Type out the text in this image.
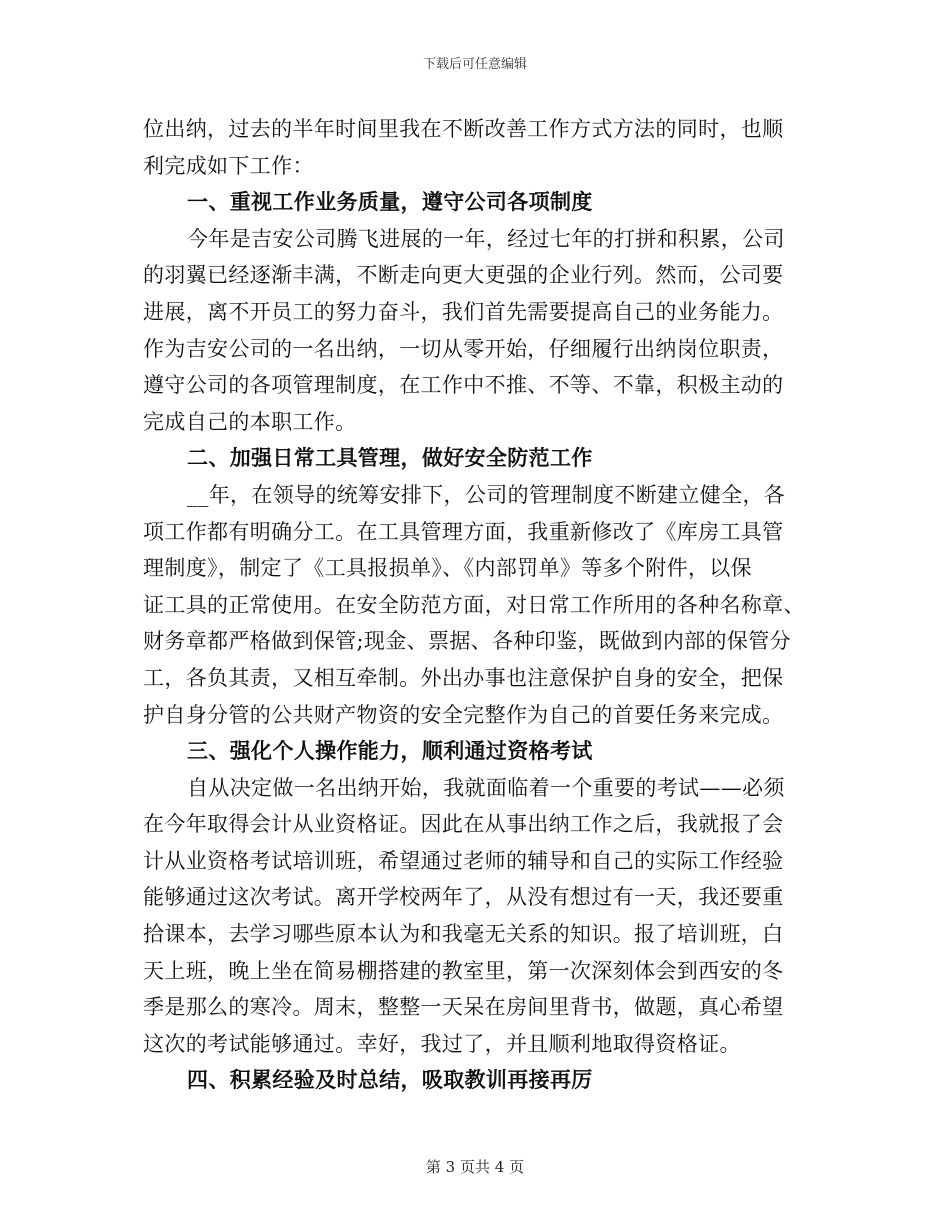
下载后可任意编辑
位出纳，过去的半年时间里我在不断改善工作方式方法的同时，也顺
利完成如下工作：
一、重视工作业务质量，遵守公司各项制度
今年是吉安公司腾飞进展的一年，经过七年的打拼和积累，公司
的羽翼已经逐渐丰满，不断走向更大更强的企业行列。然而，公司要
进展，离不开员工的努力奋斗，我们首先需要提高自己的业务能力。
作为吉安公司的一名出纳，一切从零开始，仔细履行出纳岗位职责，
遵守公司的各项管理制度，在工作中不推、不等、不靠，积极主动的
完成自己的本职工作。
二、加强日常工具管理，做好安全防范工作
__年，在领导的统筹安排下，公司的管理制度不断建立健全，各
项工作都有明确分工。在工具管理方面，我重新修改了《库房工具管
理制度》，制定了《工具报损单》、《内部罚单》等多个附件，以保
证工具的正常使用。在安全防范方面，对日常工作所用的各种名称章、
财务章都严格做到保管;现金、票据、各种印鉴，既做到内部的保管分
工，各负其责，又相互牵制。外出办事也注意保护自身的安全，把保
护自身分管的公共财产物资的安全完整作为自己的首要任务来完成。
三、强化个人操作能力，顺利通过资格考试
自从决定做一名出纳开始，我就面临着一个重要的考试——必须
在今年取得会计从业资格证。因此在从事出纳工作之后，我就报了会
计从业资格考试培训班，希望通过老师的辅导和自己的实际工作经验
能够通过这次考试。离开学校两年了，从没有想过有一天，我还要重
拾课本，去学习哪些原本认为和我毫无关系的知识。报了培训班，白
天上班，晚上坐在简易棚搭建的教室里，第一次深刻体会到西安的冬
季是那么的寒冷。周末，整整一天呆在房间里背书，做题，真心希望
这次的考试能够通过。幸好，我过了，并且顺利地取得资格证。
四、积累经验及时总结，吸取教训再接再厉
第 3 页共 4 页
